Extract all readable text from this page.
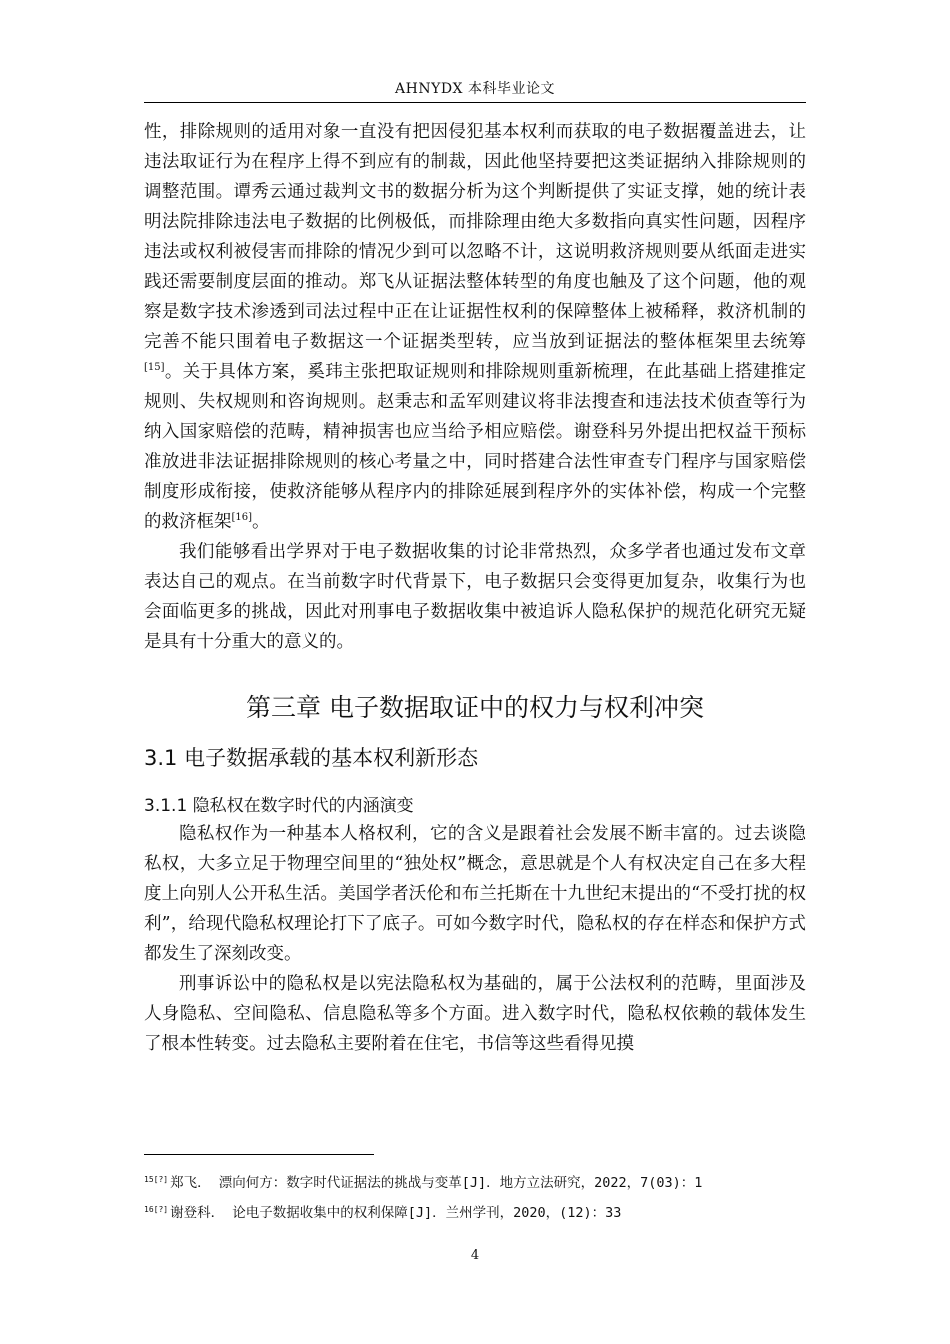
AHNYDX 本科毕业论文

性，排除规则的适用对象一直没有把因侵犯基本权利而获取的电子数据覆盖进去，让违法取证行为在程序上得不到应有的制裁，因此他坚持要把这类证据纳入排除规则的调整范围。谭秀云通过裁判文书的数据分析为这个判断提供了实证支撑，她的统计表明法院排除违法电子数据的比例极低，而排除理由绝大多数指向真实性问题，因程序违法或权利被侵害而排除的情况少到可以忽略不计，这说明救济规则要从纸面走进实践还需要制度层面的推动。郑飞从证据法整体转型的角度也触及了这个问题，他的观察是数字技术渗透到司法过程中正在让证据性权利的保障整体上被稀释，救济机制的完善不能只围着电子数据这一个证据类型转，应当放到证据法的整体框架里去统筹[15]。关于具体方案，奚玮主张把取证规则和排除规则重新梳理，在此基础上搭建推定规则、失权规则和咨询规则。赵秉志和孟军则建议将非法搜查和违法技术侦查等行为纳入国家赔偿的范畴，精神损害也应当给予相应赔偿。谢登科另外提出把权益干预标准放进非法证据排除规则的核心考量之中，同时搭建合法性审查专门程序与国家赔偿制度形成衔接，使救济能够从程序内的排除延展到程序外的实体补偿，构成一个完整的救济框架[16]。

我们能够看出学界对于电子数据收集的讨论非常热烈，众多学者也通过发布文章表达自己的观点。在当前数字时代背景下，电子数据只会变得更加复杂，收集行为也会面临更多的挑战，因此对刑事电子数据收集中被追诉人隐私保护的规范化研究无疑是具有十分重大的意义的。

第三章 电子数据取证中的权力与权利冲突
3.1 电子数据承载的基本权利新形态
3.1.1 隐私权在数字时代的内涵演变

隐私权作为一种基本人格权利，它的含义是跟着社会发展不断丰富的。过去谈隐私权，大多立足于物理空间里的“独处权”概念，意思就是个人有权决定自己在多大程度上向别人公开私生活。美国学者沃伦和布兰托斯在十九世纪末提出的“不受打扰的权利”，给现代隐私权理论打下了底子。可如今数字时代，隐私权的存在样态和保护方式都发生了深刻改变。

刑事诉讼中的隐私权是以宪法隐私权为基础的，属于公法权利的范畴，里面涉及人身隐私、空间隐私、信息隐私等多个方面。进入数字时代，隐私权依赖的载体发生了根本性转变。过去隐私主要附着在住宅，书信等这些看得见摸

$^{15[?]}$ 郑飞． 漂向何方：数字时代证据法的挑战与变革[J]．地方立法研究，2022，7(03)：1
$^{16[?]}$ 谢登科． 论电子数据收集中的权利保障[J]．兰州学刊，2020，(12)：33
4
